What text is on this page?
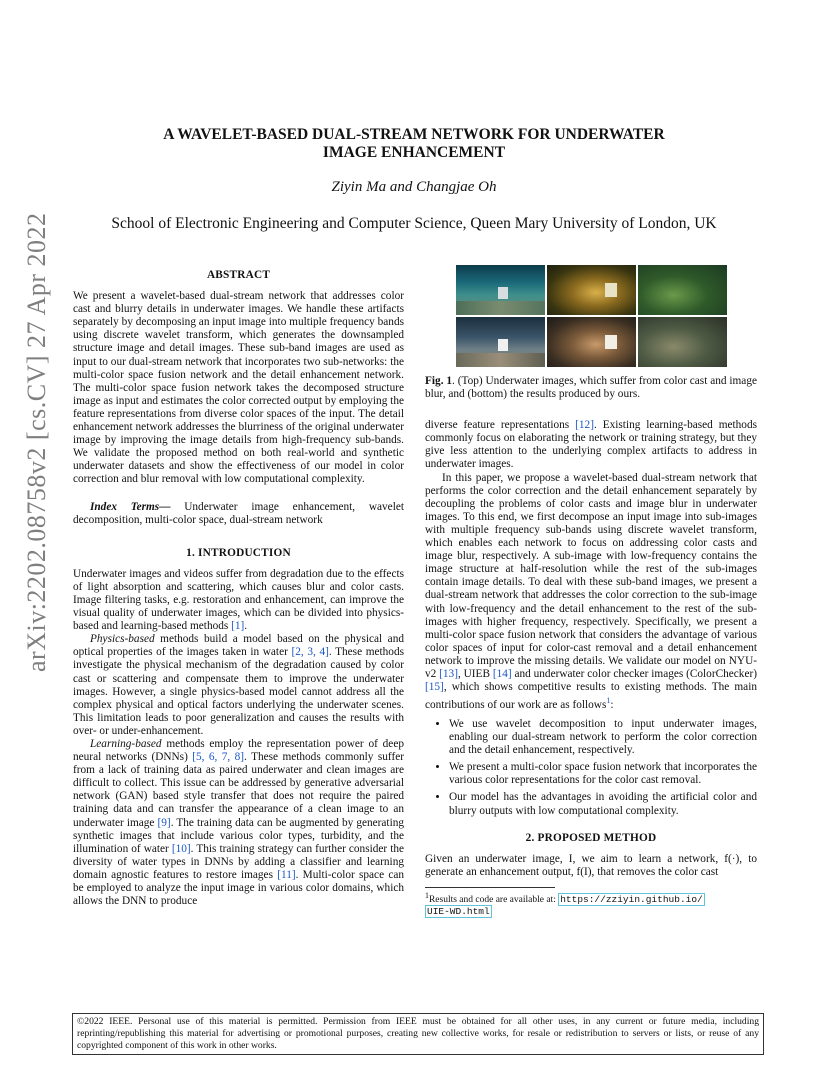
A WAVELET-BASED DUAL-STREAM NETWORK FOR UNDERWATER
IMAGE ENHANCEMENT
Ziyin Ma and Changjae Oh
School of Electronic Engineering and Computer Science, Queen Mary University of London, UK
arXiv:2202.08758v2 [cs.CV] 27 Apr 2022	ABSTRACT

We present a wavelet-based dual-stream network that addresses color cast and blurry details in underwater images. We handle these artifacts separately by decomposing an input image into multiple frequency bands using discrete wavelet transform, which generates the downsampled structure image and detail images. These sub-band images are used as input to our dual-stream network that incorporates two sub-networks: the multi-color space fusion network and the detail enhancement network. The multi-color space fusion network takes the decomposed structure image as input and estimates the color corrected output by employing the feature representations from diverse color spaces of the input. The detail enhancement network addresses the blurriness of the original underwater image by improving the image details from high-frequency sub-bands. We validate the proposed method on both real-world and synthetic underwater datasets and show the effectiveness of our model in color correction and blur removal with low computational complexity.

Index Terms— Underwater image enhancement, wavelet decomposition, multi-color space, dual-stream network

1. INTRODUCTION

Underwater images and videos suffer from degradation due to the effects of light absorption and scattering, which causes blur and color casts. Image filtering tasks, e.g. restoration and enhancement, can improve the visual quality of underwater images, which can be divided into physics-based and learning-based methods [1].

Physics-based methods build a model based on the physical and optical properties of the images taken in water [2, 3, 4]. These methods investigate the physical mechanism of the degradation caused by color cast or scattering and compensate them to improve the underwater images. However, a single physics-based model cannot address all the complex physical and optical factors underlying the underwater scenes. This limitation leads to poor generalization and causes the results with over- or under-enhancement.

Learning-based methods employ the representation power of deep neural networks (DNNs) [5, 6, 7, 8]. These methods commonly suffer from a lack of training data as paired underwater and clean images are difficult to collect. This issue can be addressed by generative adversarial network (GAN) based style transfer that does not require the paired training data and can transfer the appearance of a clean image to an underwater image [9]. The training data can be augmented by generating synthetic images that include various color types, turbidity, and the illumination of water [10]. This training strategy can further consider the diversity of water types in DNNs by adding a classifier and learning domain agnostic features to restore images [11]. Multi-color space can be employed to analyze the input image in various color domains, which allows the DNN to produce

Fig. 1. (Top) Underwater images, which suffer from color cast and image blur, and (bottom) the results produced by ours.

diverse feature representations [12]. Existing learning-based methods commonly focus on elaborating the network or training strategy, but they give less attention to the underlying complex artifacts to address in underwater images.

In this paper, we propose a wavelet-based dual-stream network that performs the color correction and the detail enhancement separately by decoupling the problems of color casts and image blur in underwater images. To this end, we first decompose an input image into sub-images with multiple frequency sub-bands using discrete wavelet transform, which enables each network to focus on addressing color casts and image blur, respectively. A sub-image with low-frequency contains the image structure at half-resolution while the rest of the sub-images contain image details. To deal with these sub-band images, we present a dual-stream network that addresses the color correction to the sub-image with low-frequency and the detail enhancement to the rest of the sub-images with higher frequency, respectively. Specifically, we present a multi-color space fusion network that considers the advantage of various color spaces of input for color-cast removal and a detail enhancement network to improve the missing details. We validate our model on NYU-v2 [13], UIEB [14] and underwater color checker images (ColorChecker) [15], which shows competitive results to existing methods. The main contributions of our work are as follows$^1$:

• We use wavelet decomposition to input underwater images, enabling our dual-stream network to perform the color correction and the detail enhancement, respectively.
• We present a multi-color space fusion network that incorporates the various color representations for the color cast removal.
• Our model has the advantages in avoiding the artificial color and blurry outputs with low computational complexity.
2. PROPOSED METHOD

Given an underwater image, I, we aim to learn a network, f(·), to generate an enhancement output, f(I), that removes the color cast

$^1$Results and code are available at: https://zziyin.github.io/
UIE-WD.html
©2022 IEEE. Personal use of this material is permitted. Permission from IEEE must be obtained for all other uses, in any current or future media, including reprinting/republishing this material for advertising or promotional purposes, creating new collective works, for resale or redistribution to servers or lists, or reuse of any copyrighted component of this work in other works.
